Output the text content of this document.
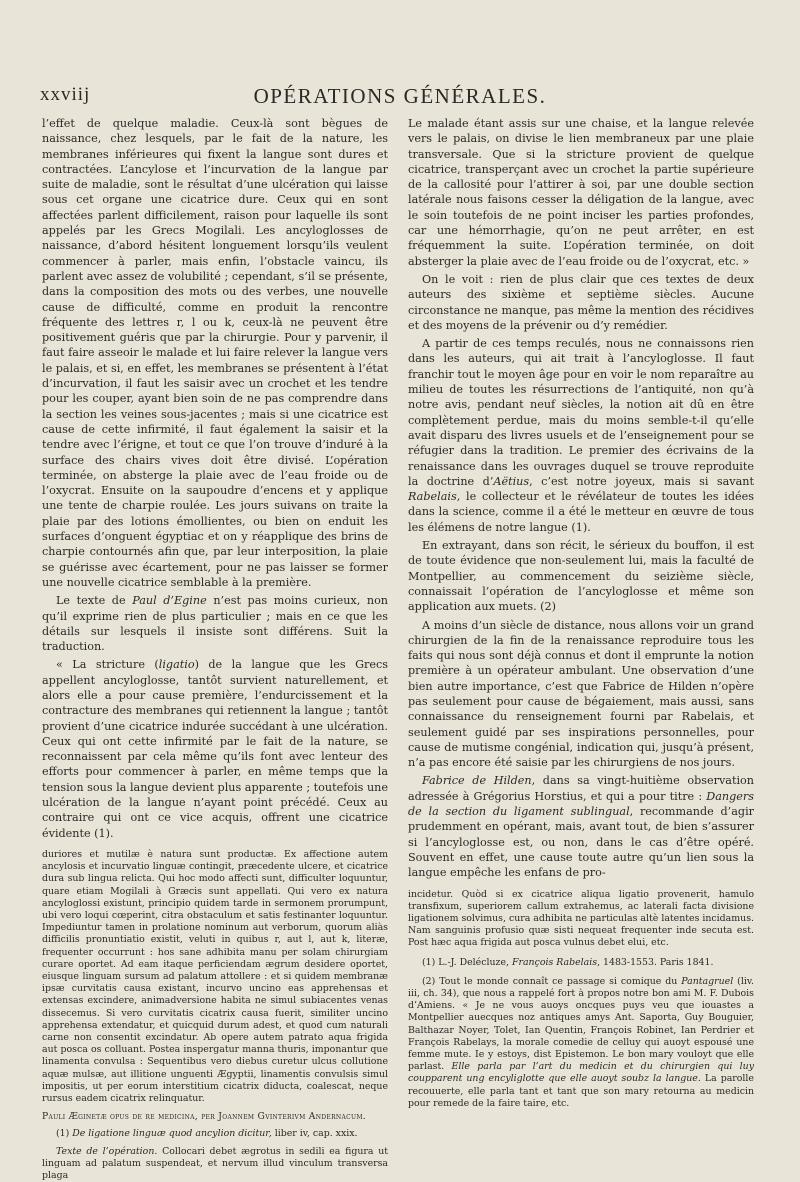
xxviij	OPÉRATIONS GÉNÉRALES.

l’effet de quelque maladie. Ceux-là sont bègues de naissance, chez lesquels, par le fait de la nature, les membranes inférieures qui fixent la langue sont dures et contractées. L’ancylose et l’incurvation de la langue par suite de maladie, sont le résultat d’une ulcération qui laisse sous cet organe une cicatrice dure. Ceux qui en sont affectées parlent difficilement, raison pour laquelle ils sont appelés par les Grecs Mogilali. Les ancyloglosses de naissance, d’abord hésitent longuement lorsqu’ils veulent commencer à parler, mais enfin, l’obstacle vaincu, ils parlent avec assez de volubilité ; cependant, s’il se présente, dans la composition des mots ou des verbes, une nouvelle cause de difficulté, comme en produit la rencontre fréquente des lettres r, l ou k, ceux-là ne peuvent être positivement guéris que par la chirurgie. Pour y parvenir, il faut faire asseoir le malade et lui faire relever la langue vers le palais, et si, en effet, les membranes se présentent à l’état d’incurvation, il faut les saisir avec un crochet et les tendre pour les couper, ayant bien soin de ne pas comprendre dans la section les veines sous-jacentes ; mais si une cicatrice est cause de cette infirmité, il faut également la saisir et la tendre avec l’érigne, et tout ce que l’on trouve d’induré à la surface des chairs vives doit être divisé. L’opération terminée, on absterge la plaie avec de l’eau froide ou de l’oxycrat. Ensuite on la saupoudre d’encens et y applique une tente de charpie roulée. Les jours suivans on traite la plaie par des lotions émollientes, ou bien on enduit les surfaces d’onguent égyptiac et on y réapplique des brins de charpie contournés afin que, par leur interposition, la plaie se guérisse avec écartement, pour ne pas laisser se former une nouvelle cicatrice semblable à la première.

Le texte de Paul d’Egine n’est pas moins curieux, non qu’il exprime rien de plus particulier ; mais en ce que les détails sur lesquels il insiste sont différens. Suit la traduction.

« La stricture (ligatio) de la langue que les Grecs appellent ancyloglosse, tantôt survient naturellement, et alors elle a pour cause première, l’endurcissement et la contracture des membranes qui retiennent la langue ; tantôt provient d’une cicatrice indurée succédant à une ulcération. Ceux qui ont cette infirmité par le fait de la nature, se reconnaissent par cela même qu’ils font avec lenteur des efforts pour commencer à parler, en même temps que la tension sous la langue devient plus apparente ; toutefois une ulcération de la langue n’ayant point précédé. Ceux au contraire qui ont ce vice acquis, offrent une cicatrice évidente (1).

duriores et mutilæ è natura sunt productæ. Ex affectione autem ancylosis et incurvatio linguæ contingit, præcedente ulcere, et cicatrice dura sub lingua relicta. Qui hoc modo affecti sunt, difficulter loquuntur, quare etiam Mogilali à Græcis sunt appellati. Qui vero ex natura ancyloglossi existunt, principio quidem tarde in sermonem prorumpunt, ubi vero loqui cœperint, citra obstaculum et satis festinanter loquuntur. Impediuntur tamen in prolatione nominum aut verborum, quorum aliàs difficilis pronuntiatio existit, veluti in quibus r, aut l, aut k, literæ, frequenter occurrunt : hos sane adhibita manu per solam chirurgiam curare oportet. Ad eam itaque perficiendam ægrum desidere oportet, eiusque linguam sursum ad palatum attollere : et si quidem membranæ ipsæ curvitatis causa existant, incurvo uncino eas apprehensas et extensas excindere, animadversione habita ne simul subiacentes venas dissecemus. Si vero curvitatis cicatrix causa fuerit, similiter uncino apprehensa extendatur, et quicquid durum adest, et quod cum naturali carne non consentit excindatur. Ab opere autem patrato aqua frigida aut posca os colluant. Postea inspergatur manna thuris, imponantur que linamenta convulsa : Sequentibus vero diebus curetur ulcus collutione aquæ mulsæ, aut illitione unguenti Ægyptii, linamentis convulsis simul impositis, ut per eorum interstitium cicatrix diducta, coalescat, neque rursus eadem cicatrix relinquatur.

Pauli Æginetæ opus de re medicina, per Joannem Gvinterivm Andernacum.

(1) De ligatione linguæ quod ancylion dicitur, liber iv, cap. xxix.

Texte de l’opération. Collocari debet ægrotus in sedili ea figura ut linguam ad palatum suspendeat, et nervum illud vinculum transversa plaga

Le malade étant assis sur une chaise, et la langue relevée vers le palais, on divise le lien membraneux par une plaie transversale. Que si la stricture provient de quelque cicatrice, transperçant avec un crochet la partie supérieure de la callosité pour l’attirer à soi, par une double section latérale nous faisons cesser la déligation de la langue, avec le soin toutefois de ne point inciser les parties profondes, car une hémorrhagie, qu’on ne peut arrêter, en est fréquemment la suite. L’opération terminée, on doit absterger la plaie avec de l’eau froide ou de l’oxycrat, etc. »

On le voit : rien de plus clair que ces textes de deux auteurs des sixième et septième siècles. Aucune circonstance ne manque, pas même la mention des récidives et des moyens de la prévenir ou d’y remédier.

A partir de ces temps reculés, nous ne connaissons rien dans les auteurs, qui ait trait à l’ancyloglosse. Il faut franchir tout le moyen âge pour en voir le nom reparaître au milieu de toutes les résurrections de l’antiquité, non qu’à notre avis, pendant neuf siècles, la notion ait dû en être complètement perdue, mais du moins semble-t-il qu’elle avait disparu des livres usuels et de l’enseignement pour se réfugier dans la tradition. Le premier des écrivains de la renaissance dans les ouvrages duquel se trouve reproduite la doctrine d’Aëtius, c’est notre joyeux, mais si savant Rabelais, le collecteur et le révélateur de toutes les idées dans la science, comme il a été le metteur en œuvre de tous les élémens de notre langue (1).

En extrayant, dans son récit, le sérieux du bouffon, il est de toute évidence que non-seulement lui, mais la faculté de Montpellier, au commencement du seizième siècle, connaissait l’opération de l’ancyloglosse et même son application aux muets. (2)

A moins d’un siècle de distance, nous allons voir un grand chirurgien de la fin de la renaissance reproduire tous les faits qui nous sont déjà connus et dont il emprunte la notion première à un opérateur ambulant. Une observation d’une bien autre importance, c’est que Fabrice de Hilden n’opère pas seulement pour cause de bégaiement, mais aussi, sans connaissance du renseignement fourni par Rabelais, et seulement guidé par ses inspirations personnelles, pour cause de mutisme congénial, indication qui, jusqu’à présent, n’a pas encore été saisie par les chirurgiens de nos jours.

Fabrice de Hilden, dans sa vingt-huitième observation adressée à Grégorius Horstius, et qui a pour titre : Dangers de la section du ligament sublingual, recommande d’agir prudemment en opérant, mais, avant tout, de bien s’assurer si l’ancyloglosse est, ou non, dans le cas d’être opéré. Souvent en effet, une cause toute autre qu’un lien sous la langue empêche les enfans de pro-

incidetur. Quòd si ex cicatrice aliqua ligatio provenerit, hamulo transfixum, superiorem callum extrahemus, ac laterali facta divisione ligationem solvimus, cura adhibita ne particulas altè latentes incidamus. Nam sanguinis profusio quæ sisti nequeat frequenter inde secuta est. Post hæc aqua frigida aut posca vulnus debet elui, etc.

(1) L.-J. Delécluze, François Rabelais, 1483-1553. Paris 1841.

(2) Tout le monde connaît ce passage si comique du Pantagruel (liv. iii, ch. 34), que nous a rappelé fort à propos notre bon ami M. F. Dubois d’Amiens. « Je ne vous auoys oncques puys veu que iouastes a Montpellier auecques noz antiques amys Ant. Saporta, Guy Bouguier, Balthazar Noyer, Tolet, Ian Quentin, François Robinet, Ian Perdrier et François Rabelays, la morale comedie de celluy qui auoyt espousé une femme mute. Ie y estoys, dist Epistemon. Le bon mary vouloyt que elle parlast. Elle parla par l’art du medicin et du chirurgien qui luy coupparent ung encyliglotte que elle auoyt soubz la langue. La parolle recouuerte, elle parla tant et tant que son mary retourna au medicin pour remede de la faire taire, etc.
